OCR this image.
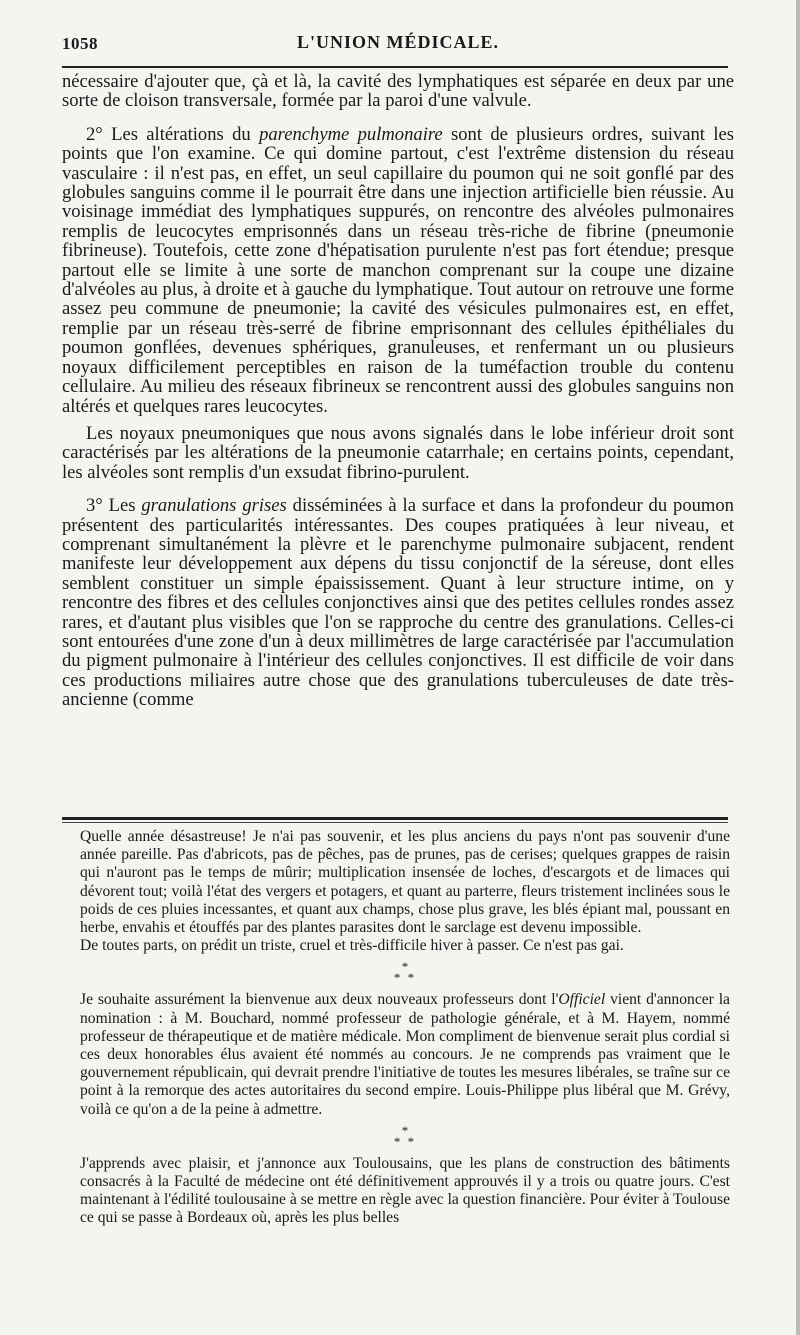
1058	L'UNION MÉDICALE.

nécessaire d'ajouter que, çà et là, la cavité des lymphatiques est séparée en deux par une sorte de cloison transversale, formée par la paroi d'une valvule.

2° Les altérations du parenchyme pulmonaire sont de plusieurs ordres, suivant les points que l'on examine. Ce qui domine partout, c'est l'extrême distension du réseau vasculaire : il n'est pas, en effet, un seul capillaire du poumon qui ne soit gonflé par des globules sanguins comme il le pourrait être dans une injection artificielle bien réussie. Au voisinage immédiat des lymphatiques suppurés, on rencontre des alvéoles pulmonaires remplis de leucocytes emprisonnés dans un réseau très-riche de fibrine (pneumonie fibrineuse). Toutefois, cette zone d'hépatisation purulente n'est pas fort étendue; presque partout elle se limite à une sorte de manchon comprenant sur la coupe une dizaine d'alvéoles au plus, à droite et à gauche du lymphatique. Tout autour on retrouve une forme assez peu commune de pneumonie; la cavité des vésicules pulmonaires est, en effet, remplie par un réseau très-serré de fibrine emprisonnant des cellules épithéliales du poumon gonflées, devenues sphériques, granuleuses, et renfermant un ou plusieurs noyaux difficilement perceptibles en raison de la tuméfaction trouble du contenu cellulaire. Au milieu des réseaux fibrineux se rencontrent aussi des globules sanguins non altérés et quelques rares leucocytes.

Les noyaux pneumoniques que nous avons signalés dans le lobe inférieur droit sont caractérisés par les altérations de la pneumonie catarrhale; en certains points, cependant, les alvéoles sont remplis d'un exsudat fibrino-purulent.

3° Les granulations grises disséminées à la surface et dans la profondeur du poumon présentent des particularités intéressantes. Des coupes pratiquées à leur niveau, et comprenant simultanément la plèvre et le parenchyme pulmonaire subjacent, rendent manifeste leur développement aux dépens du tissu conjonctif de la séreuse, dont elles semblent constituer un simple épaississement. Quant à leur structure intime, on y rencontre des fibres et des cellules conjonctives ainsi que des petites cellules rondes assez rares, et d'autant plus visibles que l'on se rapproche du centre des granulations. Celles-ci sont entourées d'une zone d'un à deux millimètres de large caractérisée par l'accumulation du pigment pulmonaire à l'intérieur des cellules conjonctives. Il est difficile de voir dans ces productions miliaires autre chose que des granulations tuberculeuses de date très-ancienne (comme

Quelle année désastreuse! Je n'ai pas souvenir, et les plus anciens du pays n'ont pas souvenir d'une année pareille. Pas d'abricots, pas de pêches, pas de prunes, pas de cerises; quelques grappes de raisin qui n'auront pas le temps de mûrir; multiplication insensée de loches, d'escargots et de limaces qui dévorent tout; voilà l'état des vergers et potagers, et quant au parterre, fleurs tristement inclinées sous le poids de ces pluies incessantes, et quant aux champs, chose plus grave, les blés épiant mal, poussant en herbe, envahis et étouffés par des plantes parasites dont le sarclage est devenu impossible.

De toutes parts, on prédit un triste, cruel et très-difficile hiver à passer. Ce n'est pas gai.

*
* *

Je souhaite assurément la bienvenue aux deux nouveaux professeurs dont l'Officiel vient d'annoncer la nomination : à M. Bouchard, nommé professeur de pathologie générale, et à M. Hayem, nommé professeur de thérapeutique et de matière médicale. Mon compliment de bienvenue serait plus cordial si ces deux honorables élus avaient été nommés au concours. Je ne comprends pas vraiment que le gouvernement républicain, qui devrait prendre l'initiative de toutes les mesures libérales, se traîne sur ce point à la remorque des actes autoritaires du second empire. Louis-Philippe plus libéral que M. Grévy, voilà ce qu'on a de la peine à admettre.

*
* *

J'apprends avec plaisir, et j'annonce aux Toulousains, que les plans de construction des bâtiments consacrés à la Faculté de médecine ont été définitivement approuvés il y a trois ou quatre jours. C'est maintenant à l'édilité toulousaine à se mettre en règle avec la question financière. Pour éviter à Toulouse ce qui se passe à Bordeaux où, après les plus belles
